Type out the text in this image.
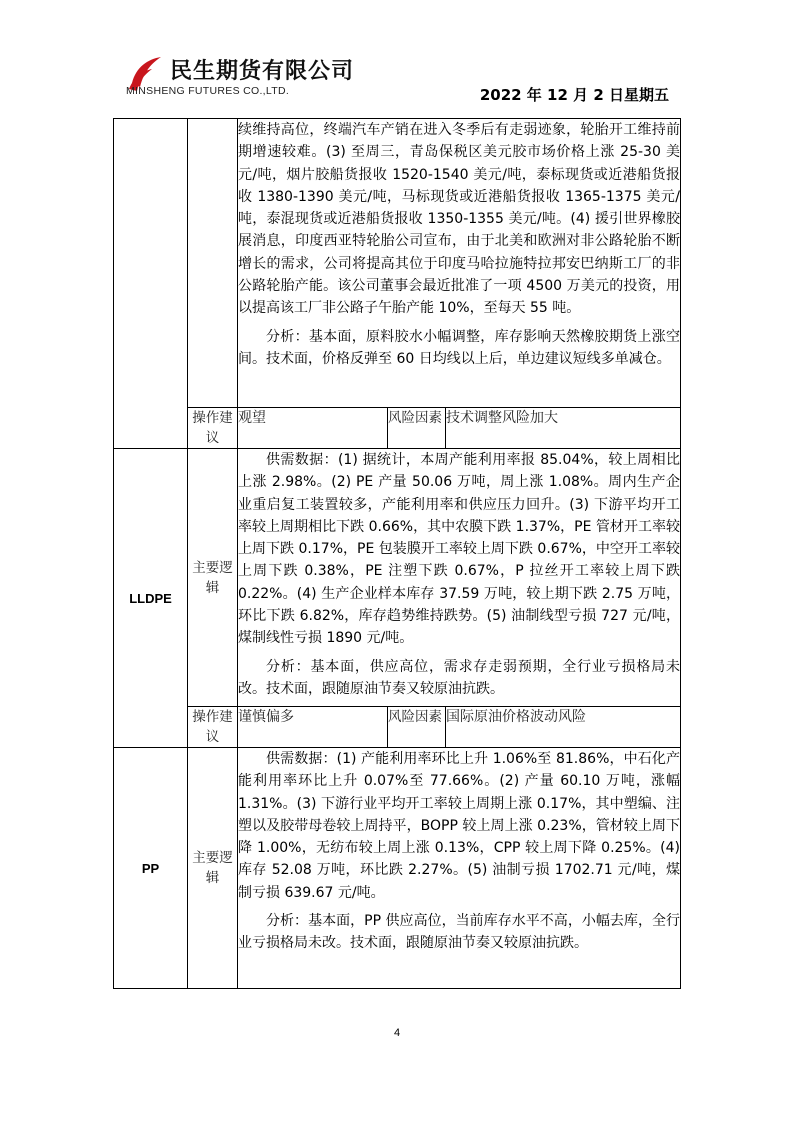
民生期货有限公司
MINSHENG FUTURES CO.,LTD.	2022 年 12 月 2 日星期五

		续维持高位，终端汽车产销在进入冬季后有走弱迹象，轮胎开工维持前期增速较难。(3) 至周三，青岛保税区美元胶市场价格上涨 25-30 美元/吨，烟片胶船货报收 1520-1540 美元/吨，泰标现货或近港船货报收 1380-1390 美元/吨，马标现货或近港船货报收 1365-1375 美元/吨，泰混现货或近港船货报收 1350-1355 美元/吨。(4) 援引世界橡胶展消息，印度西亚特轮胎公司宣布，由于北美和欧洲对非公路轮胎不断增长的需求，公司将提高其位于印度马哈拉施特拉邦安巴纳斯工厂的非公路轮胎产能。该公司董事会最近批准了一项 4500 万美元的投资，用以提高该工厂非公路子午胎产能 10%，至每天 55 吨。

分析：基本面，原料胶水小幅调整，库存影响天然橡胶期货上涨空间。技术面，价格反弹至 60 日均线以上后，单边建议短线多单减仓。		

	操作建议	观望	风险因素	技术调整风险加大
LLDPE	主要逻辑	供需数据：(1) 据统计，本周产能利用率报 85.04%，较上周相比上涨 2.98%。(2) PE 产量 50.06 万吨，周上涨 1.08%。周内生产企业重启复工装置较多，产能利用率和供应压力回升。(3) 下游平均开工率较上周期相比下跌 0.66%，其中农膜下跌 1.37%，PE 管材开工率较上周下跌 0.17%，PE 包装膜开工率较上周下跌 0.67%，中空开工率较上周下跌 0.38%，PE 注塑下跌 0.67%，P 拉丝开工率较上周下跌 0.22%。(4) 生产企业样本库存 37.59 万吨，较上期下跌 2.75 万吨，环比下跌 6.82%，库存趋势维持跌势。(5) 油制线型亏损 727 元/吨，煤制线性亏损 1890 元/吨。

分析：基本面，供应高位，需求存走弱预期，全行业亏损格局未改。技术面，跟随原油节奏又较原油抗跌。		

	操作建议	谨慎偏多	风险因素	国际原油价格波动风险
PP	主要逻辑	供需数据：(1) 产能利用率环比上升 1.06%至 81.86%，中石化产能利用率环比上升 0.07%至 77.66%。(2) 产量 60.10 万吨，涨幅 1.31%。(3) 下游行业平均开工率较上周期上涨 0.17%，其中塑编、注塑以及胶带母卷较上周持平，BOPP 较上周上涨 0.23%，管材较上周下降 1.00%，无纺布较上周上涨 0.13%，CPP 较上周下降 0.25%。(4) 库存 52.08 万吨，环比跌 2.27%。(5) 油制亏损 1702.71 元/吨，煤制亏损 639.67 元/吨。

分析：基本面，PP 供应高位，当前库存水平不高，小幅去库，全行业亏损格局未改。技术面，跟随原油节奏又较原油抗跌。		

4
